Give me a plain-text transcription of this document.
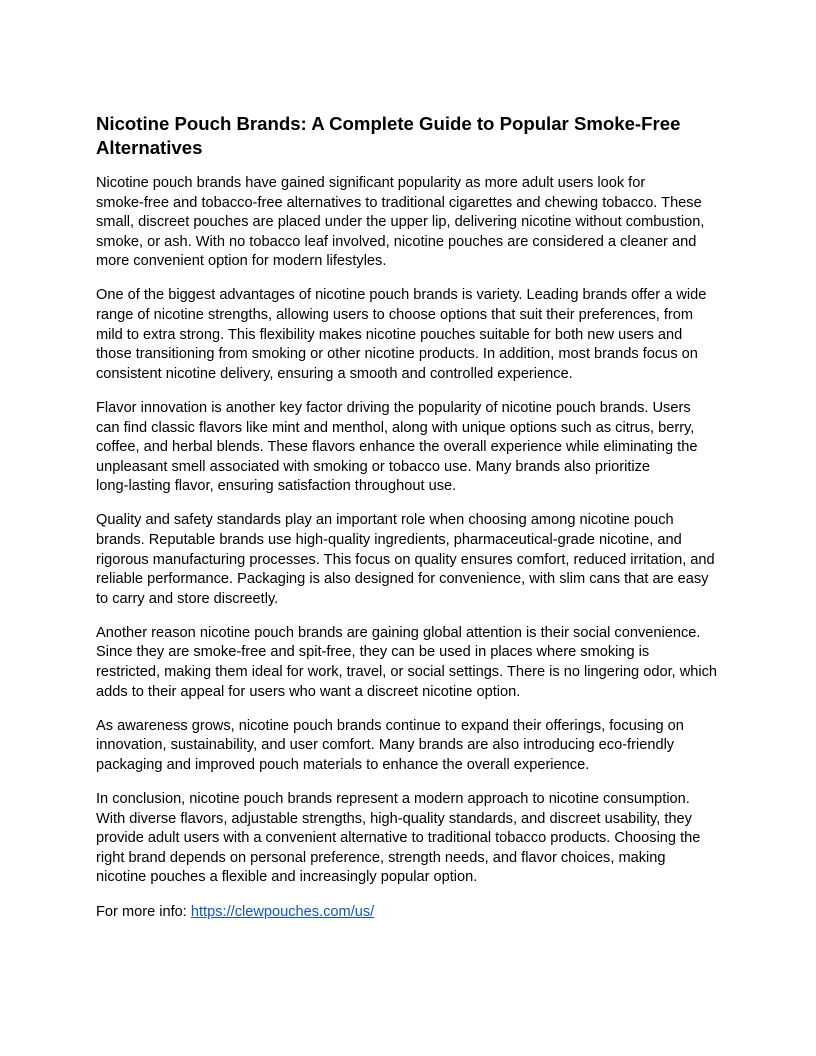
Nicotine Pouch Brands: A Complete Guide to Popular Smoke-Free
Alternatives

Nicotine pouch brands have gained significant popularity as more adult users look for
smoke-free and tobacco-free alternatives to traditional cigarettes and chewing tobacco. These
small, discreet pouches are placed under the upper lip, delivering nicotine without combustion,
smoke, or ash. With no tobacco leaf involved, nicotine pouches are considered a cleaner and
more convenient option for modern lifestyles.

One of the biggest advantages of nicotine pouch brands is variety. Leading brands offer a wide
range of nicotine strengths, allowing users to choose options that suit their preferences, from
mild to extra strong. This flexibility makes nicotine pouches suitable for both new users and
those transitioning from smoking or other nicotine products. In addition, most brands focus on
consistent nicotine delivery, ensuring a smooth and controlled experience.

Flavor innovation is another key factor driving the popularity of nicotine pouch brands. Users
can find classic flavors like mint and menthol, along with unique options such as citrus, berry,
coffee, and herbal blends. These flavors enhance the overall experience while eliminating the
unpleasant smell associated with smoking or tobacco use. Many brands also prioritize
long-lasting flavor, ensuring satisfaction throughout use.

Quality and safety standards play an important role when choosing among nicotine pouch
brands. Reputable brands use high-quality ingredients, pharmaceutical-grade nicotine, and
rigorous manufacturing processes. This focus on quality ensures comfort, reduced irritation, and
reliable performance. Packaging is also designed for convenience, with slim cans that are easy
to carry and store discreetly.

Another reason nicotine pouch brands are gaining global attention is their social convenience.
Since they are smoke-free and spit-free, they can be used in places where smoking is
restricted, making them ideal for work, travel, or social settings. There is no lingering odor, which
adds to their appeal for users who want a discreet nicotine option.

As awareness grows, nicotine pouch brands continue to expand their offerings, focusing on
innovation, sustainability, and user comfort. Many brands are also introducing eco-friendly
packaging and improved pouch materials to enhance the overall experience.

In conclusion, nicotine pouch brands represent a modern approach to nicotine consumption.
With diverse flavors, adjustable strengths, high-quality standards, and discreet usability, they
provide adult users with a convenient alternative to traditional tobacco products. Choosing the
right brand depends on personal preference, strength needs, and flavor choices, making
nicotine pouches a flexible and increasingly popular option.

For more info: https://clewpouches.com/us/
